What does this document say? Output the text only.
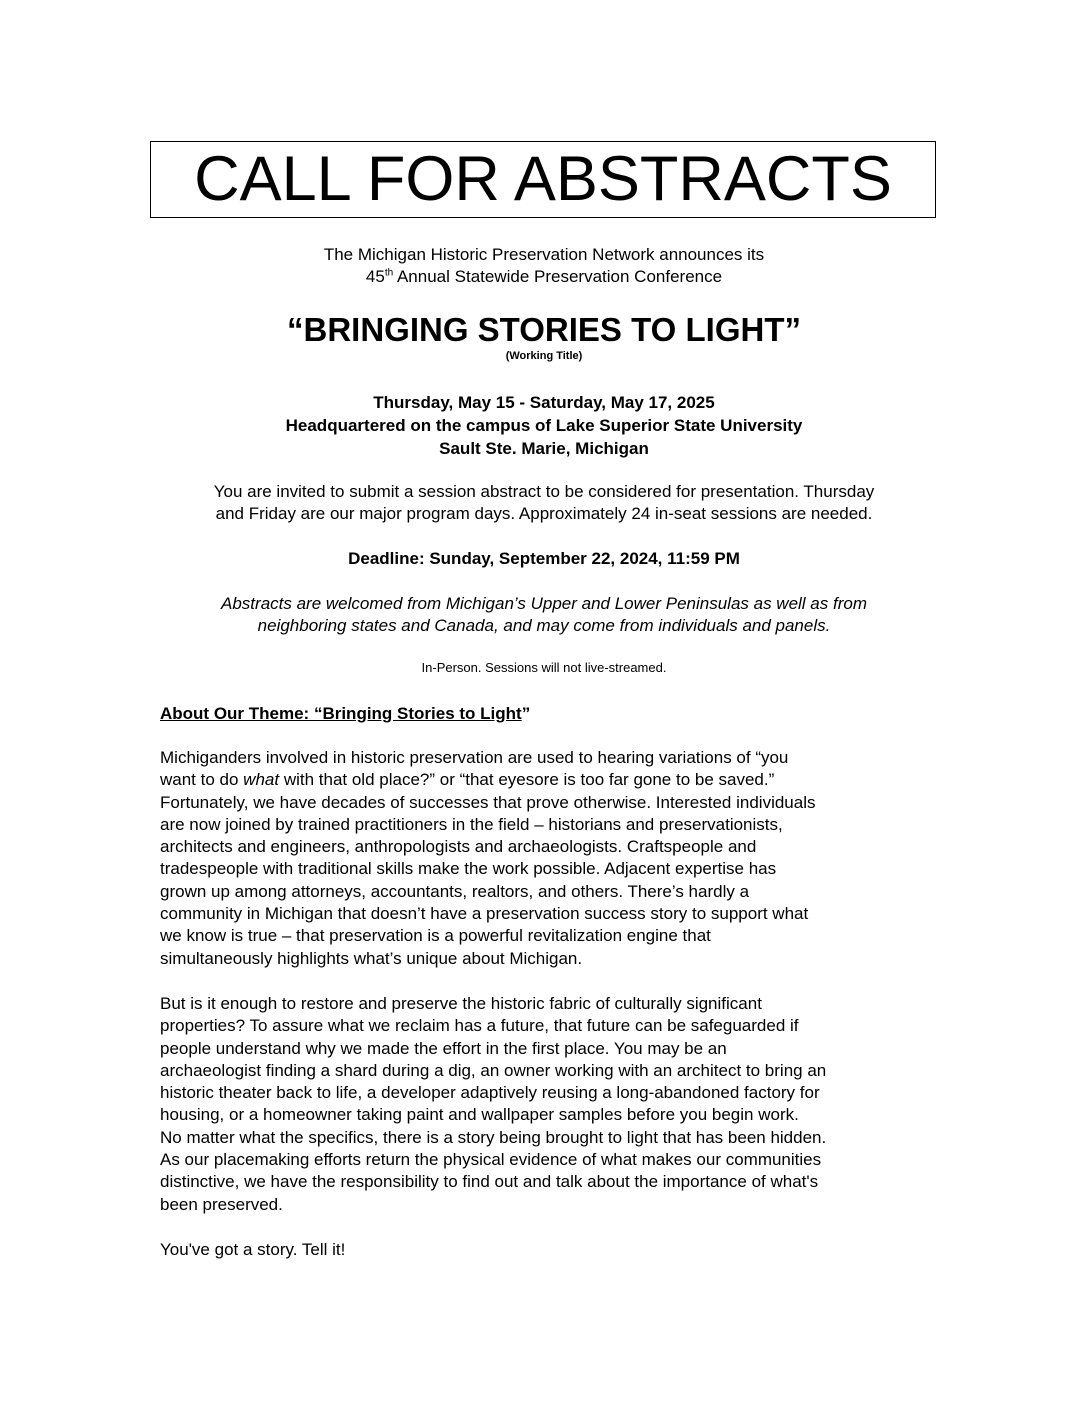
CALL FOR ABSTRACTS
The Michigan Historic Preservation Network announces its
45th Annual Statewide Preservation Conference
“BRINGING STORIES TO LIGHT”
(Working Title)
Thursday, May 15 - Saturday, May 17, 2025
Headquartered on the campus of Lake Superior State University
Sault Ste. Marie, Michigan
You are invited to submit a session abstract to be considered for presentation. Thursday
and Friday are our major program days. Approximately 24 in-seat sessions are needed.
Deadline: Sunday, September 22, 2024, 11:59 PM
Abstracts are welcomed from Michigan’s Upper and Lower Peninsulas as well as from
neighboring states and Canada, and may come from individuals and panels.
In-Person. Sessions will not live-streamed.
About Our Theme: “Bringing Stories to Light”
Michiganders involved in historic preservation are used to hearing variations of “you
want to do what with that old place?” or “that eyesore is too far gone to be saved.”
Fortunately, we have decades of successes that prove otherwise. Interested individuals
are now joined by trained practitioners in the field – historians and preservationists,
architects and engineers, anthropologists and archaeologists. Craftspeople and
tradespeople with traditional skills make the work possible. Adjacent expertise has
grown up among attorneys, accountants, realtors, and others. There’s hardly a
community in Michigan that doesn’t have a preservation success story to support what
we know is true – that preservation is a powerful revitalization engine that
simultaneously highlights what’s unique about Michigan.
But is it enough to restore and preserve the historic fabric of culturally significant
properties? To assure what we reclaim has a future, that future can be safeguarded if
people understand why we made the effort in the first place. You may be an
archaeologist finding a shard during a dig, an owner working with an architect to bring an
historic theater back to life, a developer adaptively reusing a long-abandoned factory for
housing, or a homeowner taking paint and wallpaper samples before you begin work.
No matter what the specifics, there is a story being brought to light that has been hidden.
As our placemaking efforts return the physical evidence of what makes our communities
distinctive, we have the responsibility to find out and talk about the importance of what's
been preserved.
You've got a story. Tell it!
